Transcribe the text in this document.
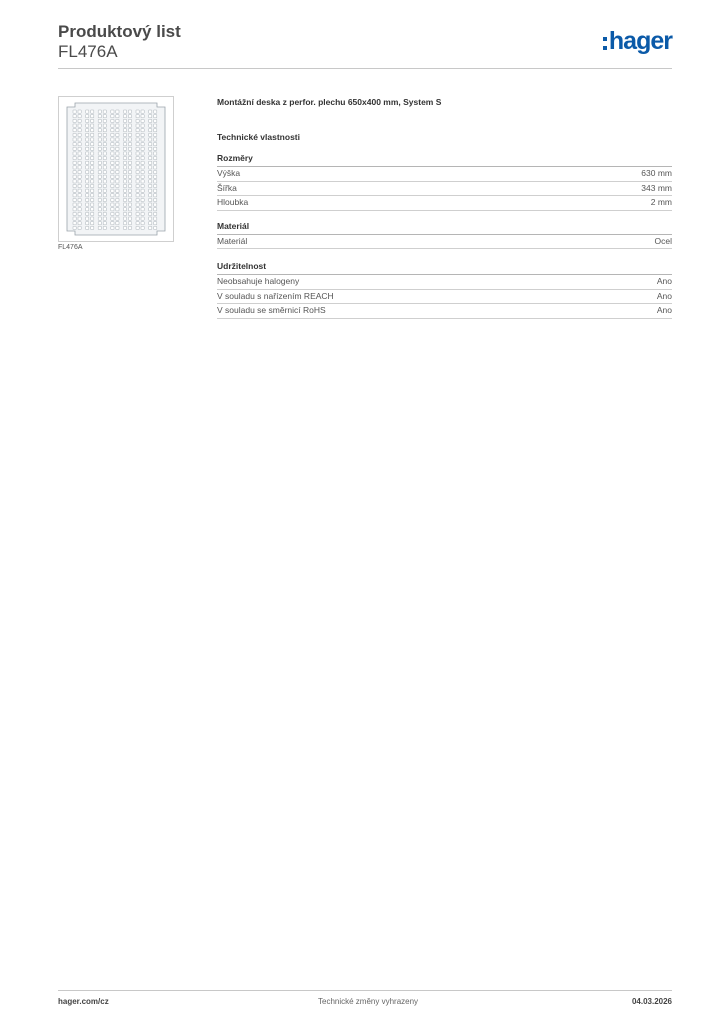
Produktový list
FL476A	hager
FL476A
Montážní deska z perfor. plechu 650x400 mm, System S
Technické vlastnosti
Rozměry
Výška	630 mm
Šířka	343 mm
Hloubka	2 mm
Materiál
Materiál	Ocel
Udržitelnost
Neobsahuje halogeny	Ano
V souladu s nařízením REACH	Ano
V souladu se směrnicí RoHS	Ano
hager.com/cz	Technické změny vyhrazeny	04.03.2026
